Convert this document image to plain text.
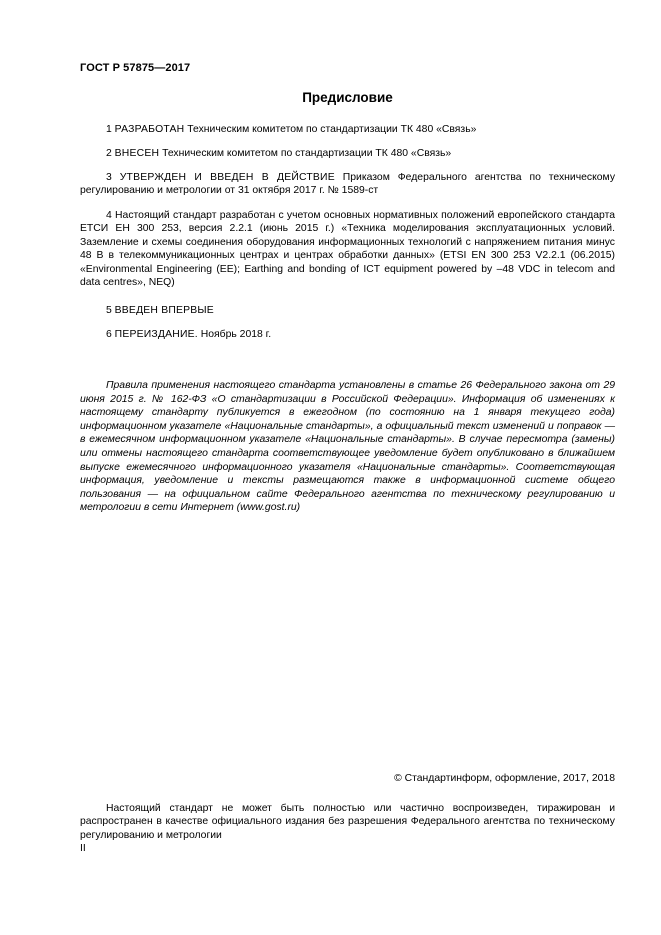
ГОСТ Р 57875—2017
Предисловие

1 РАЗРАБОТАН Техническим комитетом по стандартизации ТК 480 «Связь»

2 ВНЕСЕН Техническим комитетом по стандартизации ТК 480 «Связь»

3 УТВЕРЖДЕН И ВВЕДЕН В ДЕЙСТВИЕ Приказом Федерального агентства по техническому регулированию и метрологии от 31 октября 2017 г. № 1589-ст

4 Настоящий стандарт разработан с учетом основных нормативных положений европейского стандарта ЕТСИ ЕН 300 253, версия 2.2.1 (июнь 2015 г.) «Техника моделирования эксплуатационных условий. Заземление и схемы соединения оборудования информационных технологий с напряжением питания минус 48 В в телекоммуникационных центрах и центрах обработки данных» (ETSI EN 300 253 V2.2.1 (06.2015) «Environmental Engineering (EE); Earthing and bonding of ICT equipment powered by –48 VDC in telecom and data centres», NEQ)

5 ВВЕДЕН ВПЕРВЫЕ

6 ПЕРЕИЗДАНИЕ. Ноябрь 2018 г.

Правила применения настоящего стандарта установлены в статье 26 Федерального закона от 29 июня 2015 г. № 162-ФЗ «О стандартизации в Российской Федерации». Информация об изменениях к настоящему стандарту публикуется в ежегодном (по состоянию на 1 января текущего года) информационном указателе «Национальные стандарты», а официальный текст изменений и поправок — в ежемесячном информационном указателе «Национальные стандарты». В случае пересмотра (замены) или отмены настоящего стандарта соответствующее уведомление будет опубликовано в ближайшем выпуске ежемесячного информационного указателя «Национальные стандарты». Соответствующая информация, уведомление и тексты размещаются также в информационной системе общего пользования — на официальном сайте Федерального агентства по техническому регулированию и метрологии в сети Интернет (www.gost.ru)

© Стандартинформ, оформление, 2017, 2018

Настоящий стандарт не может быть полностью или частично воспроизведен, тиражирован и распространен в качестве официального издания без разрешения Федерального агентства по техническому регулированию и метрологии

II
